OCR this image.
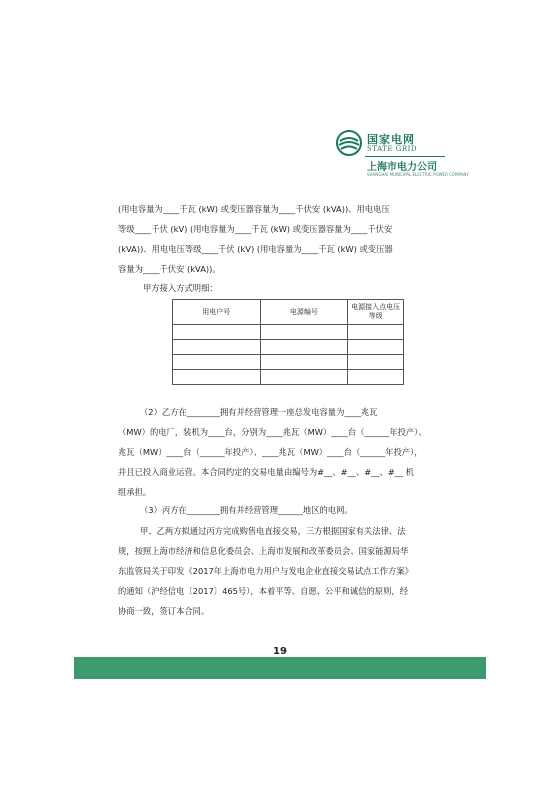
国家电网
STATE GRID
上海市电力公司
SHANGHAI MUNICIPAL ELECTRIC POWER COMPANY

(用电容量为____千瓦 (kW) 或变压器容量为____千伏安 (kVA))、用电电压

等级____千伏 (kV) (用电容量为____千瓦 (kW) 或变压器容量为____千伏安

(kVA))、用电电压等级____千伏 (kV) (用电容量为____千瓦 (kW) 或变压器

容量为____千伏安 (kVA))。

甲方接入方式明细：
用电户号	电源编号	电源接入点电压等级

（2）乙方在________拥有并经营管理一座总发电容量为____兆瓦

（MW）的电厂，装机为____台，分别为____兆瓦（MW）____台（______年投产）、

兆瓦（MW）____台（______年投产）、____兆瓦（MW）____台（______年投产），

并且已投入商业运营。本合同约定的交易电量由编号为#__、#__、#__、#__ 机

组承担。

（3）丙方在________拥有并经营管理______地区的电网。

甲、乙两方拟通过丙方完成购售电直接交易，三方根据国家有关法律、法

规，按照上海市经济和信息化委员会、上海市发展和改革委员会、国家能源局华

东监管局关于印发《2017年上海市电力用户与发电企业直接交易试点工作方案》

的通知（沪经信电〔2017〕465号），本着平等、自愿、公平和诚信的原则，经

协商一致，签订本合同。

19
